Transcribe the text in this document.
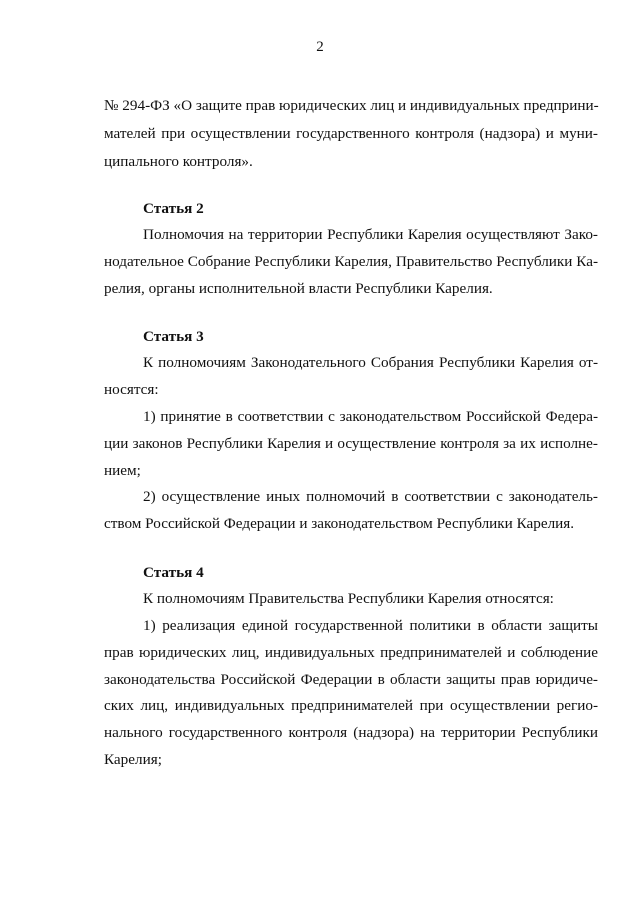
2
№ 294-ФЗ «О защите прав юридических лиц и индивидуальных предприни-
мателей при осуществлении государственного контроля (надзора) и муни-
ципального контроля».
Статья 2
Полномочия на территории Республики Карелия осуществляют Зако-
нодательное Собрание Республики Карелия, Правительство Республики Ка-
релия, органы исполнительной власти Республики Карелия.
Статья 3
К полномочиям Законодательного Собрания Республики Карелия от-
носятся:
1) принятие в соответствии с законодательством Российской Федера-
ции законов Республики Карелия и осуществление контроля за их исполне-
нием;
2) осуществление иных полномочий в соответствии с законодатель-
ством Российской Федерации и законодательством Республики Карелия.
Статья 4
К полномочиям Правительства Республики Карелия относятся:
1) реализация единой государственной политики в области защиты
прав юридических лиц, индивидуальных предпринимателей и соблюдение
законодательства Российской Федерации в области защиты прав юридиче-
ских лиц, индивидуальных предпринимателей при осуществлении регио-
нального государственного контроля (надзора) на территории Республики
Карелия;
